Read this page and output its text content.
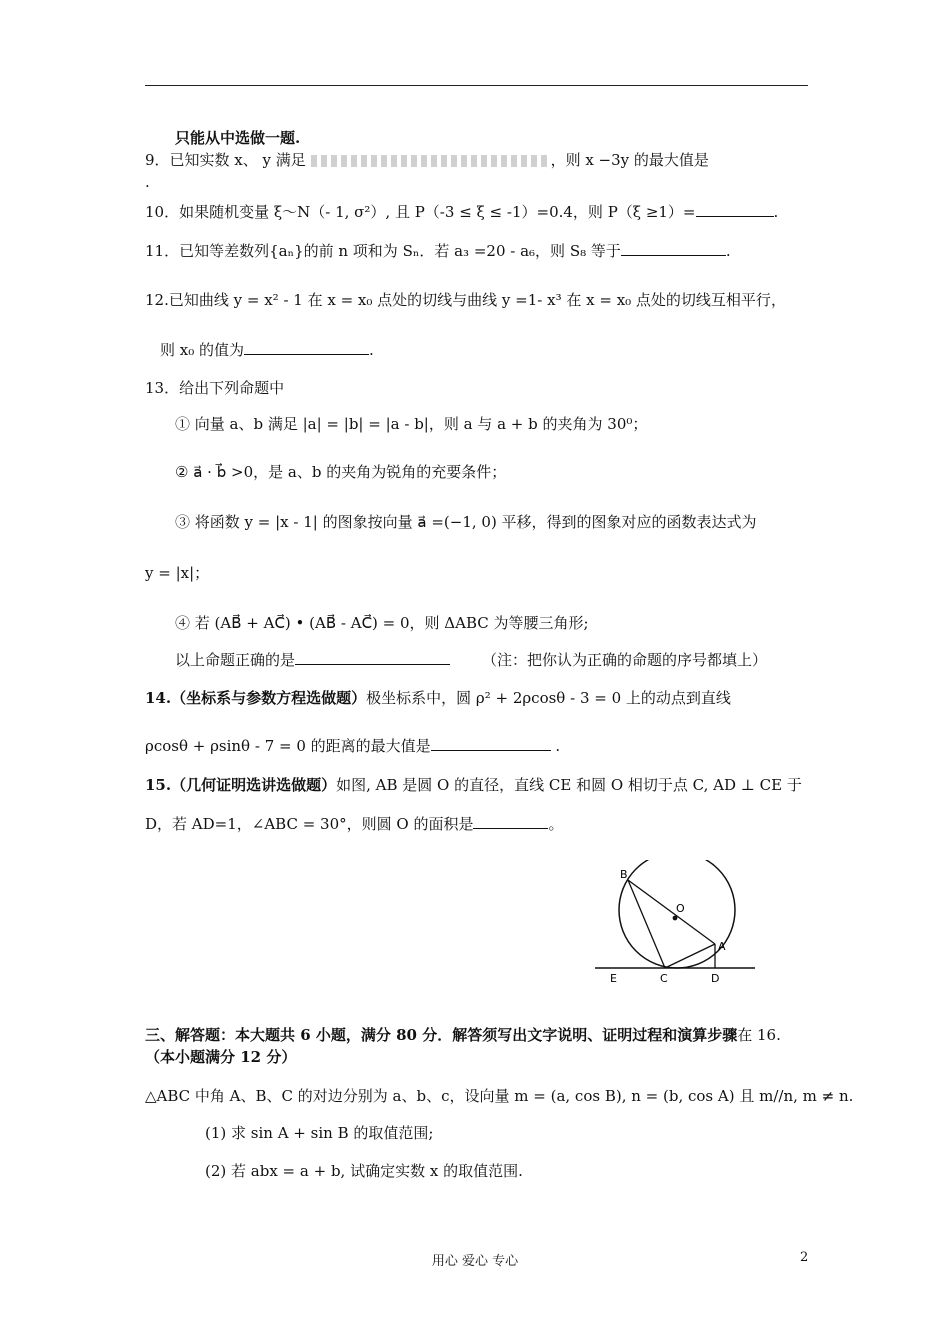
只能从中选做一题.
9．已知实数 x、 y 满足	，则 x −3y 的最大值是
.
10．如果随机变量 ξ～N（- 1, σ²）, 且 P（-3 ≤ ξ ≤ -1）=0.4，则 P（ξ ≥1）=	.
11．已知等差数列{aₙ}的前 n 项和为 Sₙ．若 a₃ =20 - a₆，则 S₈ 等于	.
12.已知曲线 y = x² - 1 在 x = x₀ 点处的切线与曲线 y =1- x³ 在 x = x₀ 点处的切线互相平行，
则 x₀ 的值为	.
13．给出下列命题中
① 向量 a、b 满足 |a| = |b| = |a - b|，则 a 与 a + b 的夹角为 30⁰；
② a⃗ · b⃗ >0，是 a、b 的夹角为锐角的充要条件；
③ 将函数 y = |x - 1| 的图象按向量 a⃗ =(−1, 0) 平移，得到的图象对应的函数表达式为
y = |x|；
④ 若 (AB⃗ + AC⃗) • (AB⃗ - AC⃗) = 0，则 ΔABC 为等腰三角形;
以上命题正确的是	（注：把你认为正确的命题的序号都填上）
14.（坐标系与参数方程选做题）极坐标系中，圆 ρ² + 2ρcosθ - 3 = 0 上的动点到直线
ρcosθ + ρsinθ - 7 = 0 的距离的最大值是	.
15.（几何证明选讲选做题）如图, AB 是圆 O 的直径，直线 CE 和圆 O 相切于点 C, AD ⊥ CE 于
D，若 AD=1，∠ABC = 30°，则圆 O 的面积是	。
B
O
A
E	C	D
三、解答题：本大题共 6 小题，满分 80 分．解答须写出文字说明、证明过程和演算步骤在 16.
（本小题满分 12 分）
△ABC 中角 A、B、C 的对边分别为 a、b、c，设向量 m = (a, cos B), n = (b, cos A) 且 m//n, m ≠ n.
(1) 求 sin A + sin B 的取值范围;
(2) 若 abx = a + b, 试确定实数 x 的取值范围.
用心 爱心 专心	2
